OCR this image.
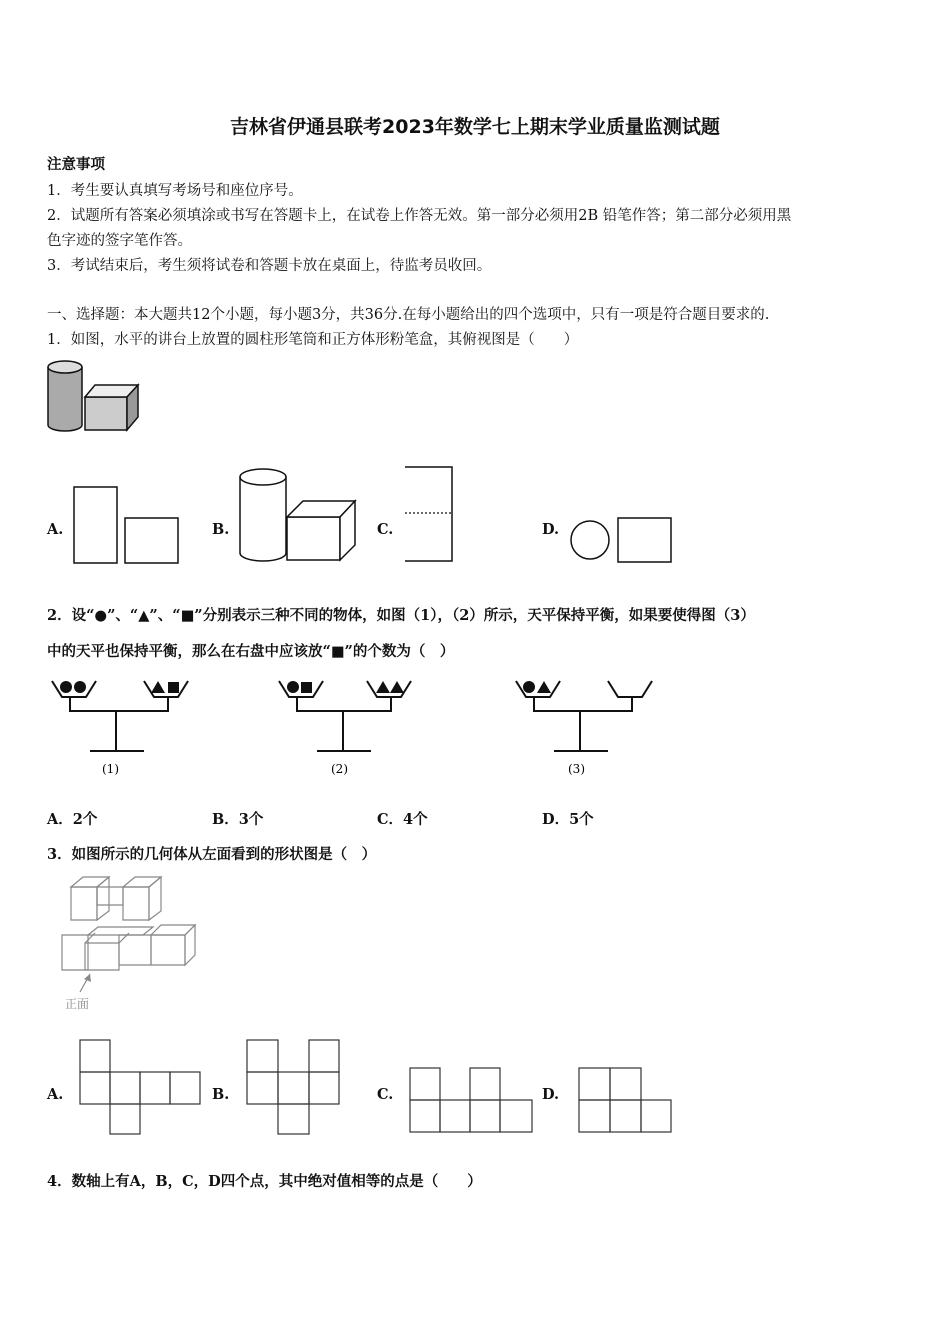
吉林省伊通县联考2023年数学七上期末学业质量监测试题
注意事项
1．考生要认真填写考场号和座位序号。
2．试题所有答案必须填涂或书写在答题卡上，在试卷上作答无效。第一部分必须用2B 铅笔作答；第二部分必须用黑
色字迹的签字笔作答。
3．考试结束后，考生须将试卷和答题卡放在桌面上，待监考员收回。
一、选择题：本大题共12个小题，每小题3分，共36分.在每小题给出的四个选项中，只有一项是符合题目要求的.
1．如图，水平的讲台上放置的圆柱形笔筒和正方体形粉笔盒，其俯视图是（　　）
A.	B.	C.	D.
2．设“●”、“▲”、“■”分别表示三种不同的物体，如图（1），（2）所示，天平保持平衡，如果要使得图（3）
中的天平也保持平衡，那么在右盘中应该放“■”的个数为（　）
(1)	(2)	(3)
A．2个	B．3个	C．4个	D．5个
3．如图所示的几何体从左面看到的形状图是（　）
正面
A.	B.	C.	D.
4．数轴上有A，B，C，D四个点，其中绝对值相等的点是（　　）
